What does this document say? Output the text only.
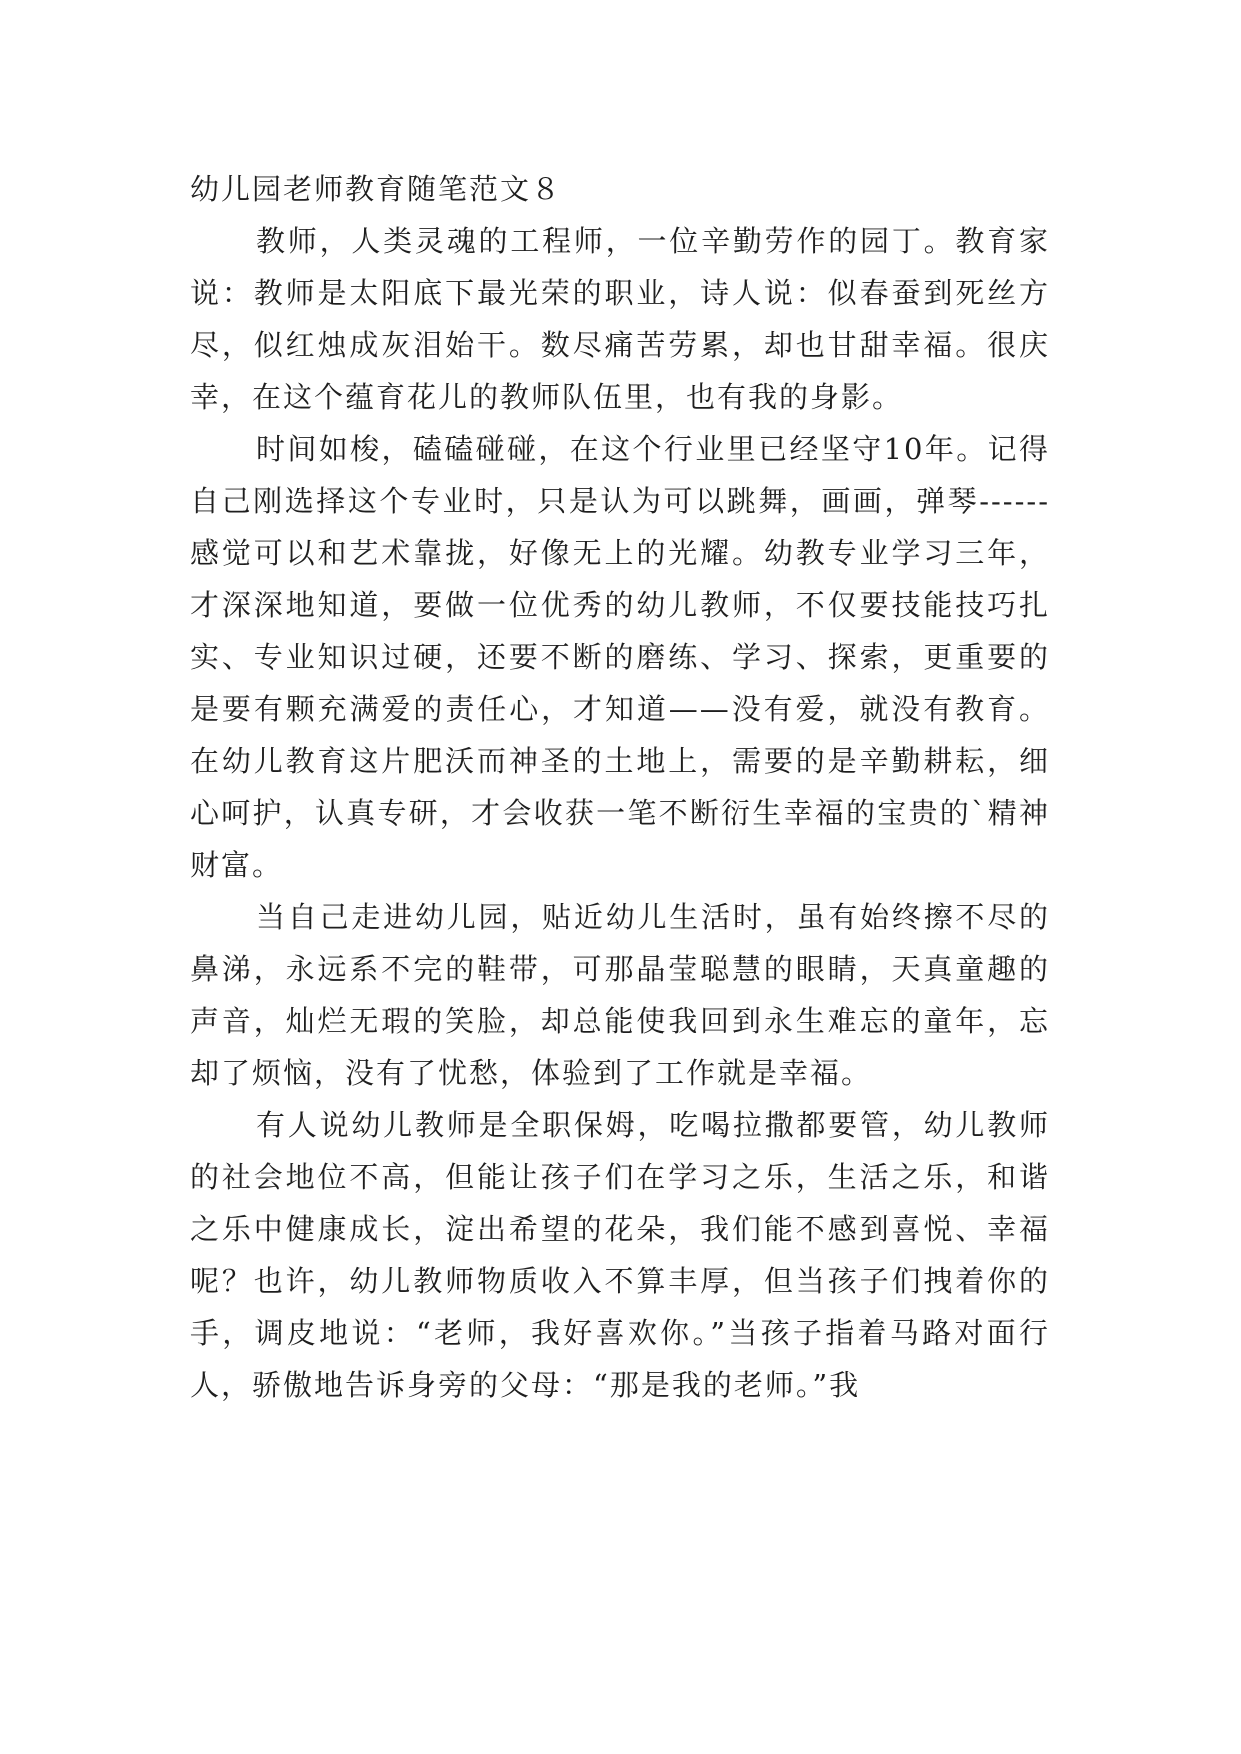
幼儿园老师教育随笔范文８

教师，人类灵魂的工程师，一位辛勤劳作的园丁。教育家说：教师是太阳底下最光荣的职业，诗人说：似春蚕到死丝方尽，似红烛成灰泪始干。数尽痛苦劳累，却也甘甜幸福。很庆幸，在这个蕴育花儿的教师队伍里，也有我的身影。

时间如梭，磕磕碰碰，在这个行业里已经坚守10年。记得自己刚选择这个专业时，只是认为可以跳舞，画画，弹琴------感觉可以和艺术靠拢，好像无上的光耀。幼教专业学习三年，才深深地知道，要做一位优秀的幼儿教师，不仅要技能技巧扎实、专业知识过硬，还要不断的磨练、学习、探索，更重要的是要有颗充满爱的责任心，才知道——没有爱，就没有教育。在幼儿教育这片肥沃而神圣的土地上，需要的是辛勤耕耘，细心呵护，认真专研，才会收获一笔不断衍生幸福的宝贵的`精神财富。

当自己走进幼儿园，贴近幼儿生活时，虽有始终擦不尽的鼻涕，永远系不完的鞋带，可那晶莹聪慧的眼睛，天真童趣的声音，灿烂无瑕的笑脸，却总能使我回到永生难忘的童年，忘却了烦恼，没有了忧愁，体验到了工作就是幸福。

有人说幼儿教师是全职保姆，吃喝拉撒都要管，幼儿教师的社会地位不高，但能让孩子们在学习之乐，生活之乐，和谐之乐中健康成长，淀出希望的花朵，我们能不感到喜悦、幸福呢？也许，幼儿教师物质收入不算丰厚，但当孩子们拽着你的手，调皮地说：“老师，我好喜欢你。”当孩子指着马路对面行人，骄傲地告诉身旁的父母：“那是我的老师。”我
